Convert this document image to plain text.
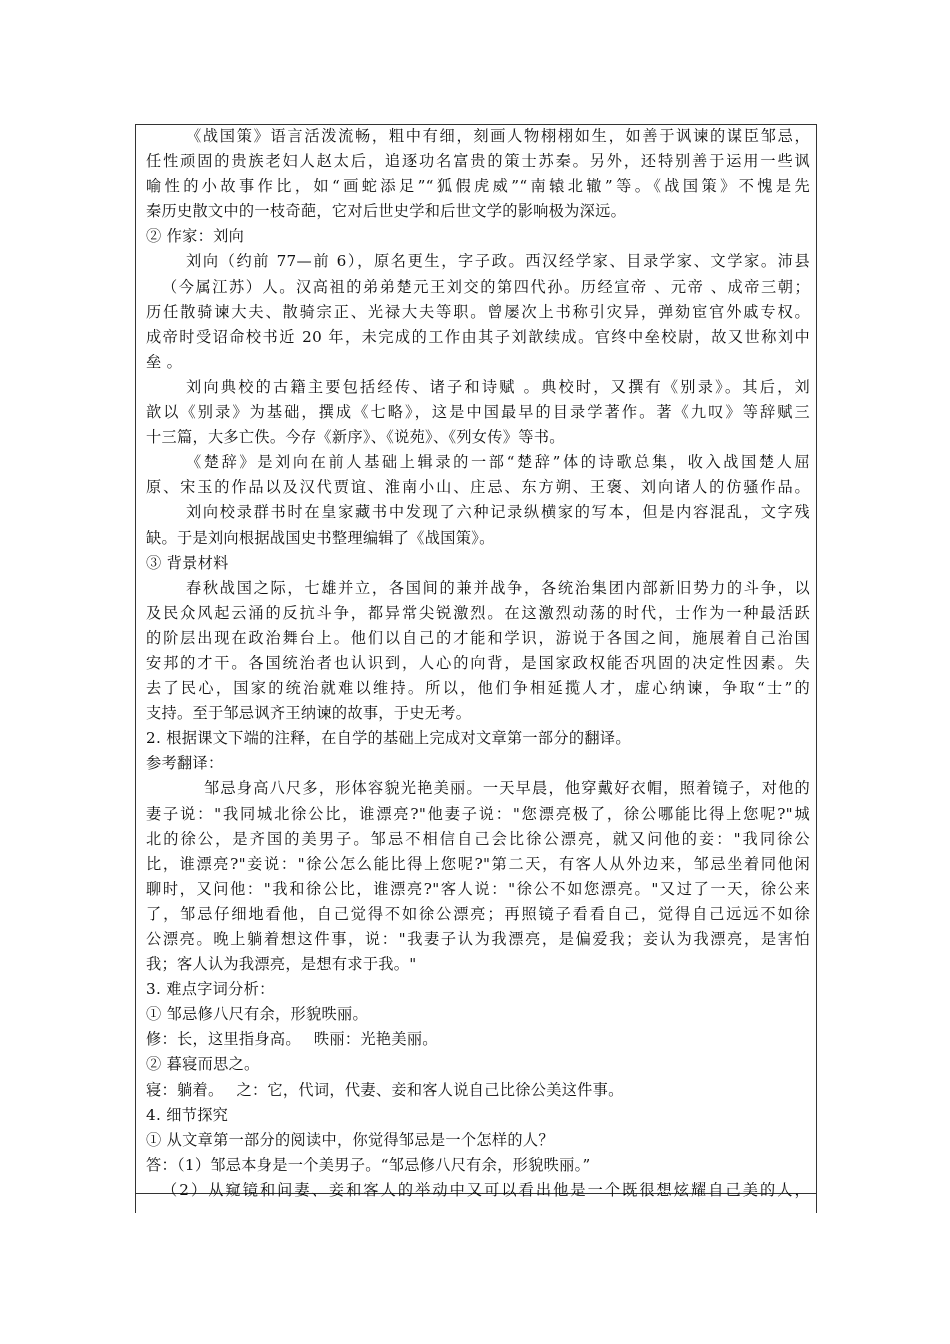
《战国策》语言活泼流畅，粗中有细，刻画人物栩栩如生，如善于讽谏的谋臣邹忌，
任性顽固的贵族老妇人赵太后，追逐功名富贵的策士苏秦。另外，还特别善于运用一些讽
喻性的小故事作比，如“画蛇添足”“狐假虎威”“南辕北辙”等。《战国策》不愧是先
秦历史散文中的一枝奇葩，它对后世史学和后世文学的影响极为深远。
② 作家：刘向
刘向（约前 77—前 6），原名更生，字子政。西汉经学家、目录学家、文学家。沛县
（今属江苏）人。汉高祖的弟弟楚元王刘交的第四代孙。历经宣帝 、元帝 、成帝三朝；
历任散骑谏大夫、散骑宗正、光禄大夫等职。曾屡次上书称引灾异，弹劾宦官外戚专权。
成帝时受诏命校书近 20 年，未完成的工作由其子刘歆续成。官终中垒校尉，故又世称刘中
垒 。
刘向典校的古籍主要包括经传、诸子和诗赋 。典校时，又撰有《别录》。其后，刘
歆以《别录》为基础，撰成《七略》，这是中国最早的目录学著作。著《九叹》等辞赋三
十三篇，大多亡佚。今存《新序》、《说苑》、《列女传》等书。
《楚辞》是刘向在前人基础上辑录的一部“楚辞”体的诗歌总集，收入战国楚人屈
原、宋玉的作品以及汉代贾谊、淮南小山、庄忌、东方朔、王褒、刘向诸人的仿骚作品。
刘向校录群书时在皇家藏书中发现了六种记录纵横家的写本，但是内容混乱，文字残
缺。于是刘向根据战国史书整理编辑了《战国策》。
③ 背景材料
春秋战国之际，七雄并立，各国间的兼并战争，各统治集团内部新旧势力的斗争，以
及民众风起云涌的反抗斗争，都异常尖锐激烈。在这激烈动荡的时代，士作为一种最活跃
的阶层出现在政治舞台上。他们以自己的才能和学识，游说于各国之间，施展着自己治国
安邦的才干。各国统治者也认识到，人心的向背，是国家政权能否巩固的决定性因素。失
去了民心，国家的统治就难以维持。所以，他们争相延揽人才，虚心纳谏，争取“士”的
支持。至于邹忌讽齐王纳谏的故事，于史无考。
2. 根据课文下端的注释，在自学的基础上完成对文章第一部分的翻译。
参考翻译：
邹忌身高八尺多，形体容貌光艳美丽。一天早晨，他穿戴好衣帽，照着镜子，对他的
妻子说："我同城北徐公比，谁漂亮?"他妻子说："您漂亮极了，徐公哪能比得上您呢?"城
北的徐公，是齐国的美男子。邹忌不相信自己会比徐公漂亮，就又问他的妾："我同徐公
比，谁漂亮?"妾说："徐公怎么能比得上您呢?"第二天，有客人从外边来，邹忌坐着同他闲
聊时，又问他："我和徐公比，谁漂亮?"客人说："徐公不如您漂亮。"又过了一天，徐公来
了，邹忌仔细地看他，自己觉得不如徐公漂亮；再照镜子看看自己，觉得自己远远不如徐
公漂亮。晚上躺着想这件事，说："我妻子认为我漂亮，是偏爱我；妾认为我漂亮，是害怕
我；客人认为我漂亮，是想有求于我。"
3. 难点字词分析：
① 邹忌修八尺有余，形貌昳丽。
修：长，这里指身高。　 昳丽：光艳美丽。
② 暮寝而思之。
寝：躺着。　 之：它，代词，代妻、妾和客人说自己比徐公美这件事。
4. 细节探究
① 从文章第一部分的阅读中，你觉得邹忌是一个怎样的人？
答：（1）邹忌本身是一个美男子。“邹忌修八尺有余，形貌昳丽。”
（2）从窥镜和问妻、妾和客人的举动中又可以看出他是一个既很想炫耀自己美的人，
